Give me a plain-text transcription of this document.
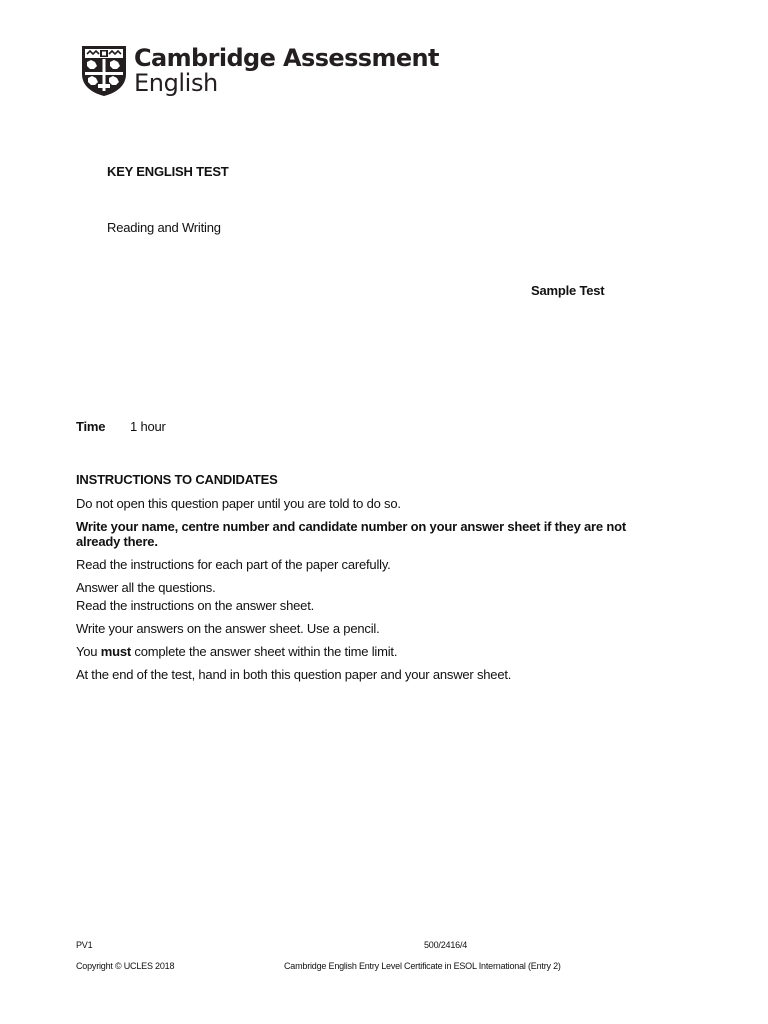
Cambridge Assessment
English
KEY ENGLISH TEST
Reading and Writing
Sample Test
Time 1 hour

INSTRUCTIONS TO CANDIDATES

Do not open this question paper until you are told to do so.

Write your name, centre number and candidate number on your answer sheet if they are not already there.

Read the instructions for each part of the paper carefully.

Answer all the questions.

Read the instructions on the answer sheet.

Write your answers on the answer sheet. Use a pencil.

You must complete the answer sheet within the time limit.

At the end of the test, hand in both this question paper and your answer sheet.

PV1	500/2416/4
Copyright © UCLES 2018	Cambridge English Entry Level Certificate in ESOL International (Entry 2)
